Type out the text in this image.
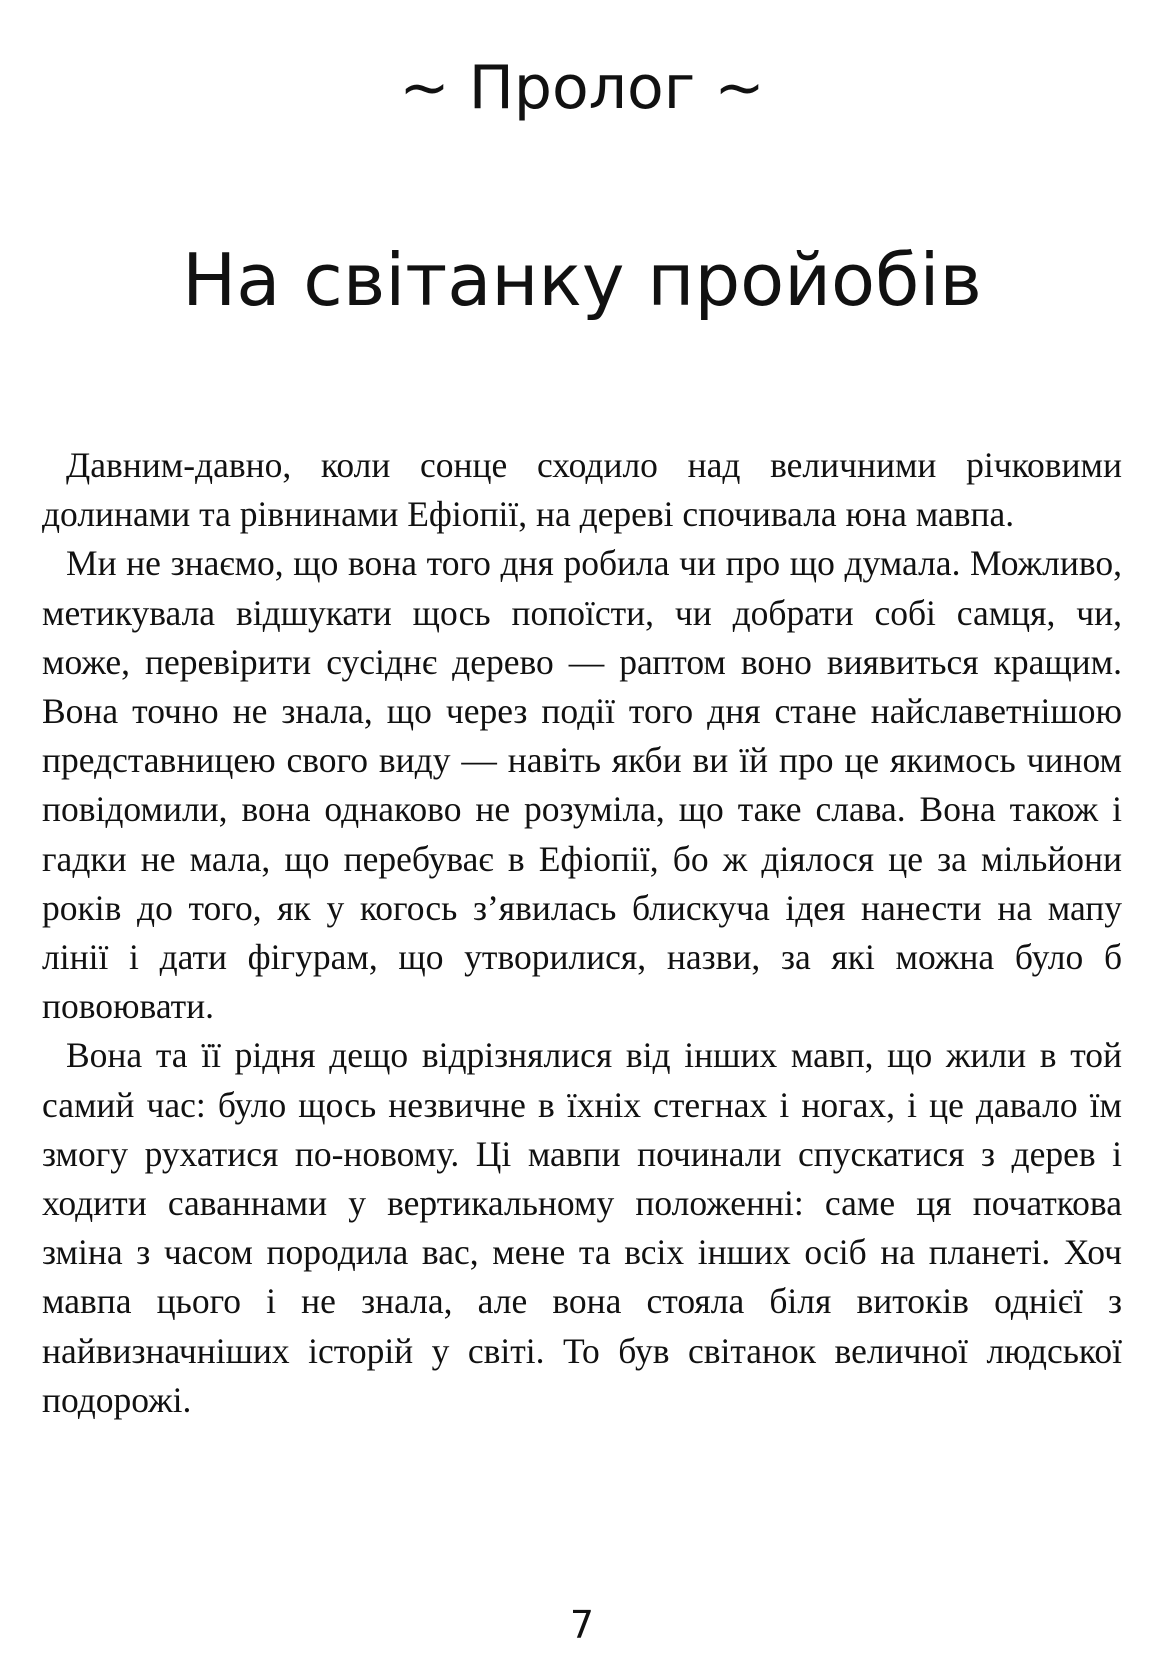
~ Пролог ~
На світанку пройобів

Давним-давно, коли сонце сходило над величними річковими долинами та рівнинами Ефіопії, на дереві спочивала юна мавпа.

Ми не знаємо, що вона того дня робила чи про що думала. Можливо, метикувала відшукати щось попоїсти, чи добрати собі самця, чи, може, перевірити сусіднє дерево — раптом воно виявиться кращим. Вона точно не знала, що через події того дня стане найславетнішою представницею свого виду — навіть якби ви їй про це якимось чином повідомили, вона однаково не розуміла, що таке слава. Вона також і гадки не мала, що перебуває в Ефіопії, бо ж діялося це за мільйони років до того, як у когось з’явилась блискуча ідея нанести на мапу лінії і дати фігурам, що утворилися, назви, за які можна було б повоювати.

Вона та її рідня дещо відрізнялися від інших мавп, що жили в той самий час: було щось незвичне в їхніх стегнах і ногах, і це давало їм змогу рухатися по-новому. Ці мавпи починали спускатися з дерев і ходити саваннами у вертикальному положенні: саме ця початкова зміна з часом породила вас, мене та всіх інших осіб на планеті. Хоч мавпа цього і не знала, але вона стояла біля витоків однієї з найвизначніших історій у світі. То був світанок величної людської подорожі.

7
